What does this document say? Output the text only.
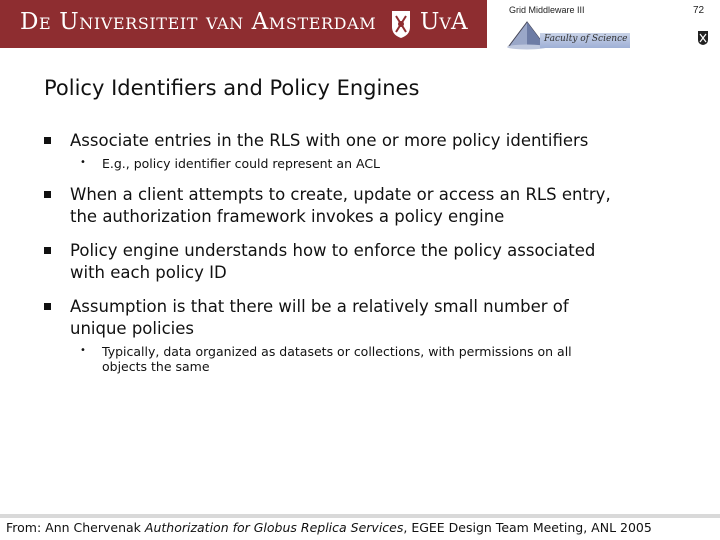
De Universiteit van Amsterdam UvA	Grid Middleware III	72
Faculty of Science
Policy Identifiers and Policy Engines
Associate entries in the RLS with one or more policy identifiers
• E.g., policy identifier could represent an ACL
When a client attempts to create, update or access an RLS entry,
the authorization framework invokes a policy engine
Policy engine understands how to enforce the policy associated
with each policy ID
Assumption is that there will be a relatively small number of
unique policies
• Typically, data organized as datasets or collections, with permissions on all
objects the same
From: Ann Chervenak Authorization for Globus Replica Services, EGEE Design Team Meeting, ANL 2005
